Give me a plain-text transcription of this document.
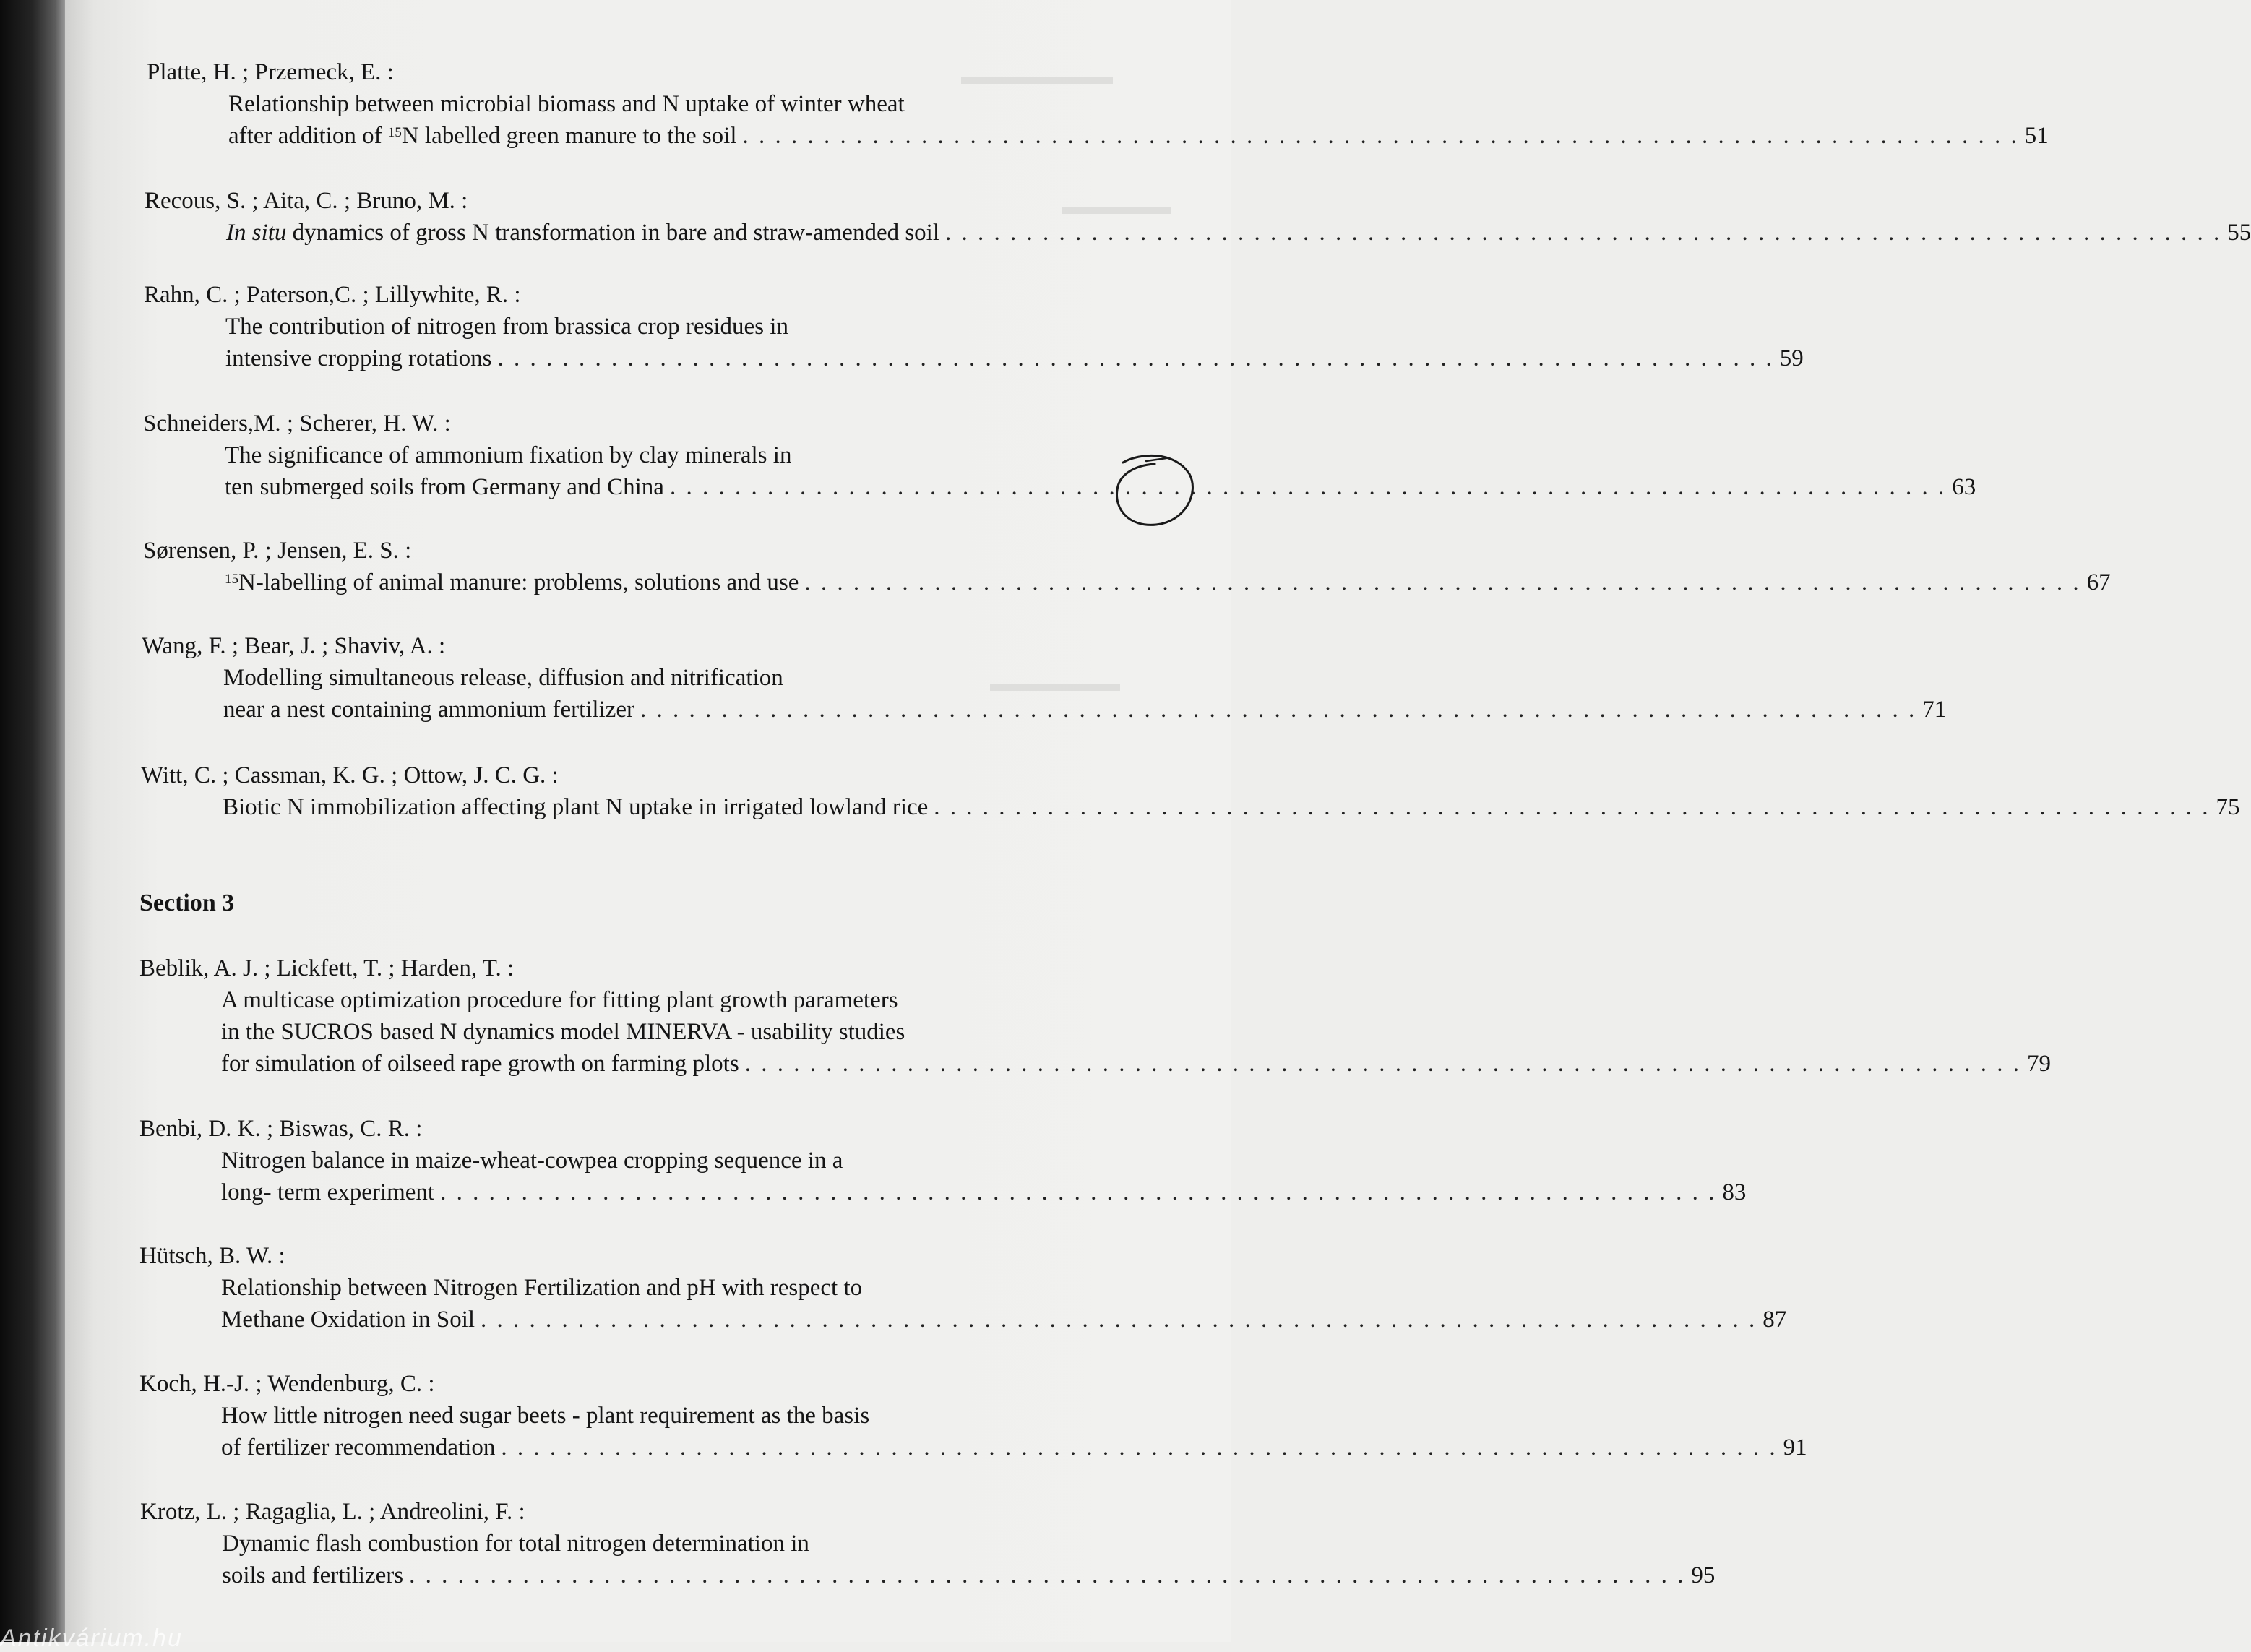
▬▬▬▬▬▬▬
▬▬▬▬▬
▬▬▬▬▬▬
Platte, H. ; Przemeck, E. :
Relationship between microbial biomass and N uptake of winter wheat
after addition of $^{15}$N labelled green manure to the soil . . . . . . . . . . . . . . . . . . . . . . . . . . . . . . . . . . . . . . . . . . . . . . . . . . . . . . . . . . . . . . . . . . . . . . . . . . . . . . . 51
Recous, S. ; Aita, C. ; Bruno, M. :
In situ dynamics of gross N transformation in bare and straw-amended soil . . . . . . . . . . . . . . . . . . . . . . . . . . . . . . . . . . . . . . . . . . . . . . . . . . . . . . . . . . . . . . . . . . . . . . . . . . . . . . . 55
Rahn, C. ; Paterson,C. ; Lillywhite, R. :
The contribution of nitrogen from brassica crop residues in
intensive cropping rotations . . . . . . . . . . . . . . . . . . . . . . . . . . . . . . . . . . . . . . . . . . . . . . . . . . . . . . . . . . . . . . . . . . . . . . . . . . . . . . . 59
Schneiders,M. ; Scherer, H. W. :
The significance of ammonium fixation by clay minerals in
ten submerged soils from Germany and China . . . . . . . . . . . . . . . . . . . . . . . . . . . . . . . . . . . . . . . . . . . . . . . . . . . . . . . . . . . . . . . . . . . . . . . . . . . . . . . 63
Sørensen, P. ; Jensen, E. S. :
$^{15}$N-labelling of animal manure: problems, solutions and use . . . . . . . . . . . . . . . . . . . . . . . . . . . . . . . . . . . . . . . . . . . . . . . . . . . . . . . . . . . . . . . . . . . . . . . . . . . . . . . 67
Wang, F. ; Bear, J. ; Shaviv, A. :
Modelling simultaneous release, diffusion and nitrification
near a nest containing ammonium fertilizer . . . . . . . . . . . . . . . . . . . . . . . . . . . . . . . . . . . . . . . . . . . . . . . . . . . . . . . . . . . . . . . . . . . . . . . . . . . . . . . 71
Witt, C. ; Cassman, K. G. ; Ottow, J. C. G. :
Biotic N immobilization affecting plant N uptake in irrigated lowland rice . . . . . . . . . . . . . . . . . . . . . . . . . . . . . . . . . . . . . . . . . . . . . . . . . . . . . . . . . . . . . . . . . . . . . . . . . . . . . . . 75
Section 3
Beblik, A. J. ; Lickfett, T. ; Harden, T. :
A multicase optimization procedure for fitting plant growth parameters
in the SUCROS based N dynamics model MINERVA - usability studies
for simulation of oilseed rape growth on farming plots . . . . . . . . . . . . . . . . . . . . . . . . . . . . . . . . . . . . . . . . . . . . . . . . . . . . . . . . . . . . . . . . . . . . . . . . . . . . . . . 79
Benbi, D. K. ; Biswas, C. R. :
Nitrogen balance in maize-wheat-cowpea cropping sequence in a
long- term experiment . . . . . . . . . . . . . . . . . . . . . . . . . . . . . . . . . . . . . . . . . . . . . . . . . . . . . . . . . . . . . . . . . . . . . . . . . . . . . . . 83
Hütsch, B. W. :
Relationship between Nitrogen Fertilization and pH with respect to
Methane Oxidation in Soil . . . . . . . . . . . . . . . . . . . . . . . . . . . . . . . . . . . . . . . . . . . . . . . . . . . . . . . . . . . . . . . . . . . . . . . . . . . . . . . 87
Koch, H.-J. ; Wendenburg, C. :
How little nitrogen need sugar beets - plant requirement as the basis
of fertilizer recommendation . . . . . . . . . . . . . . . . . . . . . . . . . . . . . . . . . . . . . . . . . . . . . . . . . . . . . . . . . . . . . . . . . . . . . . . . . . . . . . . 91
Krotz, L. ; Ragaglia, L. ; Andreolini, F. :
Dynamic flash combustion for total nitrogen determination in
soils and fertilizers . . . . . . . . . . . . . . . . . . . . . . . . . . . . . . . . . . . . . . . . . . . . . . . . . . . . . . . . . . . . . . . . . . . . . . . . . . . . . . . 95
Antikvárium.hu
